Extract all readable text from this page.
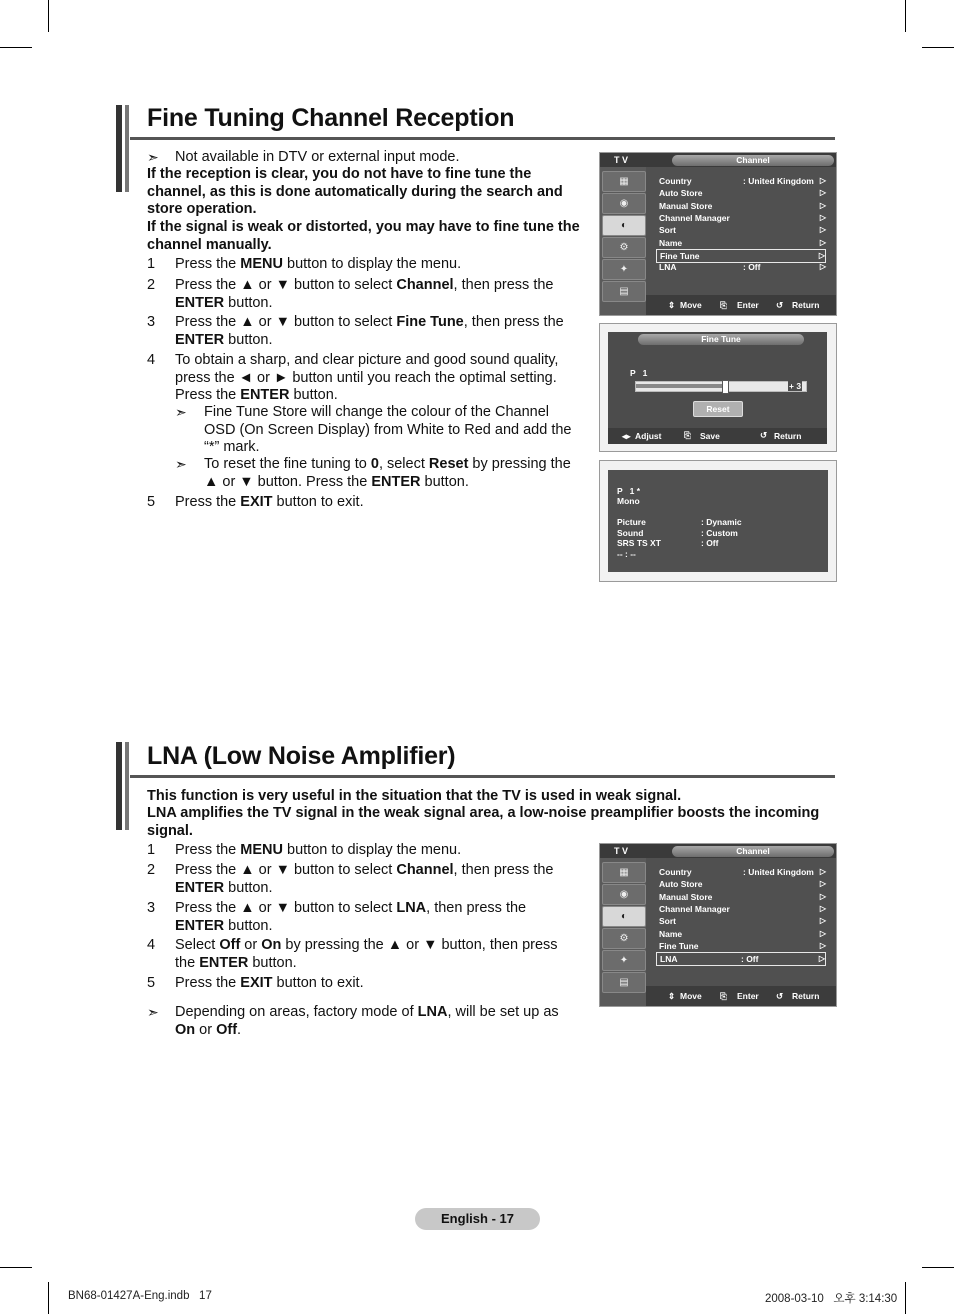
Fine Tuning Channel Reception
➣ Not available in DTV or external input mode.
If the reception is clear, you do not have to fine tune the channel, as this is done automatically during the search and store operation.
If the signal is weak or distorted, you may have to fine tune the channel manually.
1 Press the MENU button to display the menu.
2 Press the ▲ or ▼ button to select Channel, then press the ENTER button.
3 Press the ▲ or ▼ button to select Fine Tune, then press the ENTER button.
4 To obtain a sharp, and clear picture and good sound quality, press the ◄ or ► button until you reach the optimal setting. Press the ENTER button.
5 Press the EXIT button to exit.
➣ Fine Tune Store will change the colour of the Channel OSD (On Screen Display) from White to Red and add the “*” mark.
➣ To reset the fine tuning to 0, select Reset by pressing the ▲ or ▼ button. Press the ENTER button.
T V	Channel
▦
◉
◐
⚙
✦
▤
Country	: United Kingdom ▷
Auto Store	▷
Manual Store	▷
Channel Manager	▷
Sort	▷
Name	▷
Fine Tune	▷
LNA	: Off	▷
⇕ Move ⎘ Enter ↺ Return
Fine Tune
P   1
+ 3
Reset
◂▸ Adjust	⎘ Save	↺ Return
P   1 *
Mono
Picture	: Dynamic
Sound	: Custom
SRS TS XT	: Off
-- : --
LNA (Low Noise Amplifier)
This function is very useful in the situation that the TV is used in weak signal.
LNA amplifies the TV signal in the weak signal area, a low-noise preamplifier boosts the incoming signal.
1 Press the MENU button to display the menu.
2 Press the ▲ or ▼ button to select Channel, then press the ENTER button.
3 Press the ▲ or ▼ button to select LNA, then press the ENTER button.
4 Select Off or On by pressing the ▲ or ▼ button, then press the ENTER button.
5 Press the EXIT button to exit.
➣ Depending on areas, factory mode of LNA, will be set up as On or Off.
T V	Channel
▦
◉
◐
⚙
✦
▤
Country	: United Kingdom ▷
Auto Store	▷
Manual Store	▷
Channel Manager	▷
Sort	▷
Name	▷
Fine Tune	▷
LNA	: Off	▷
⇕ Move ⎘ Enter ↺ Return
English - 17
BN68-01427A-Eng.indb   17	2008-03-10   오후 3:14:30
